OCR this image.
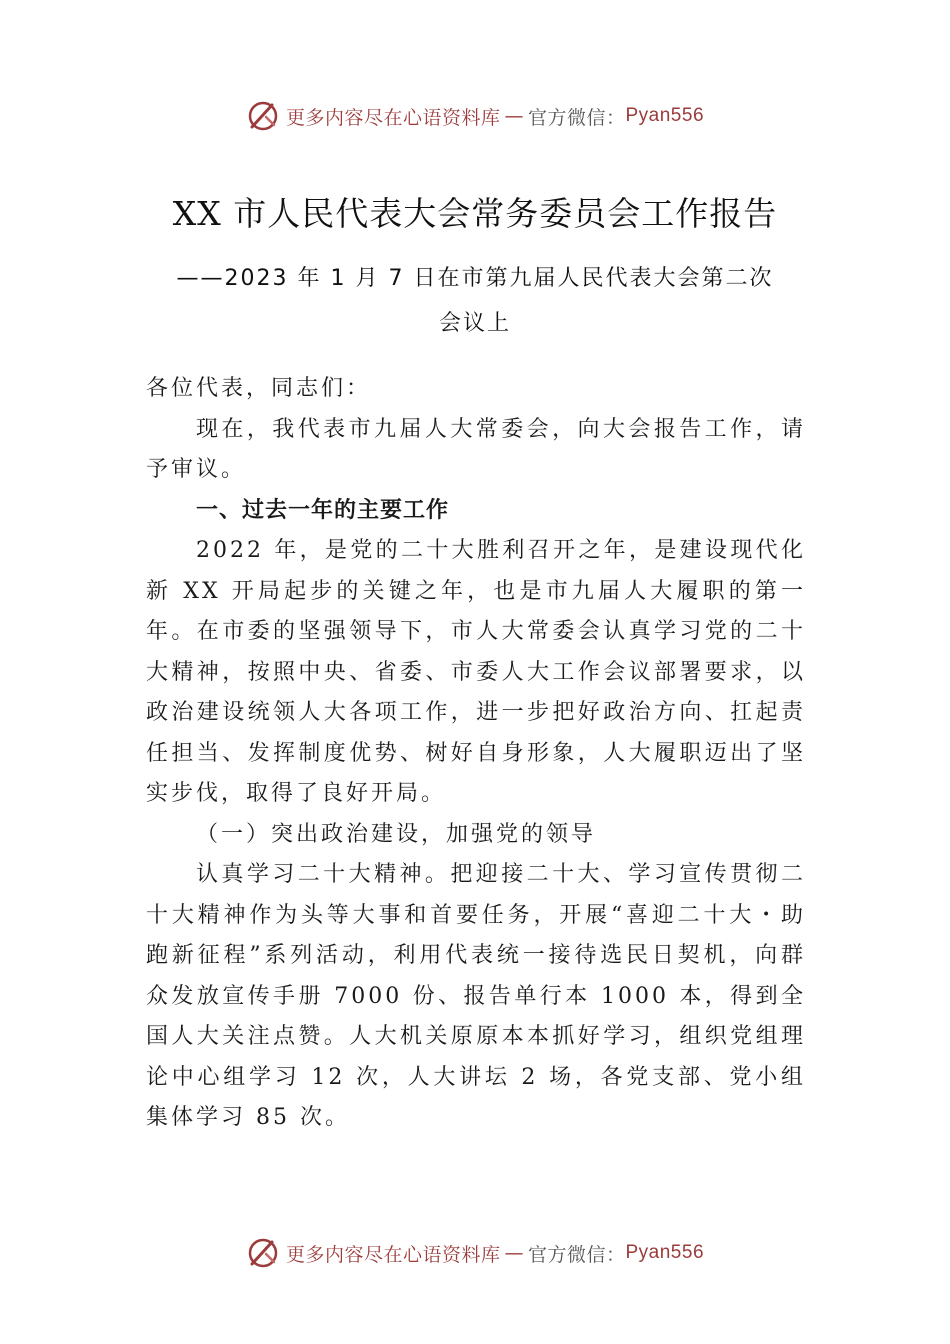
更多内容尽在心语资料库 — 官方微信： Pyan556
XX 市人民代表大会常务委员会工作报告
——2023 年 1 月 7 日在市第九届人民代表大会第二次
会议上

各位代表，同志们：

现在，我代表市九届人大常委会，向大会报告工作，请予审议。

一、过去一年的主要工作

2022 年，是党的二十大胜利召开之年，是建设现代化新 XX 开局起步的关键之年，也是市九届人大履职的第一年。在市委的坚强领导下，市人大常委会认真学习党的二十大精神，按照中央、省委、市委人大工作会议部署要求，以政治建设统领人大各项工作，进一步把好政治方向、扛起责任担当、发挥制度优势、树好自身形象，人大履职迈出了坚实步伐，取得了良好开局。

（一）突出政治建设，加强党的领导

认真学习二十大精神。把迎接二十大、学习宣传贯彻二十大精神作为头等大事和首要任务，开展“喜迎二十大・助跑新征程”系列活动，利用代表统一接待选民日契机，向群众发放宣传手册 7000 份、报告单行本 1000 本，得到全国人大关注点赞。人大机关原原本本抓好学习，组织党组理论中心组学习 12 次，人大讲坛 2 场，各党支部、党小组集体学习 85 次。

更多内容尽在心语资料库 — 官方微信： Pyan556
